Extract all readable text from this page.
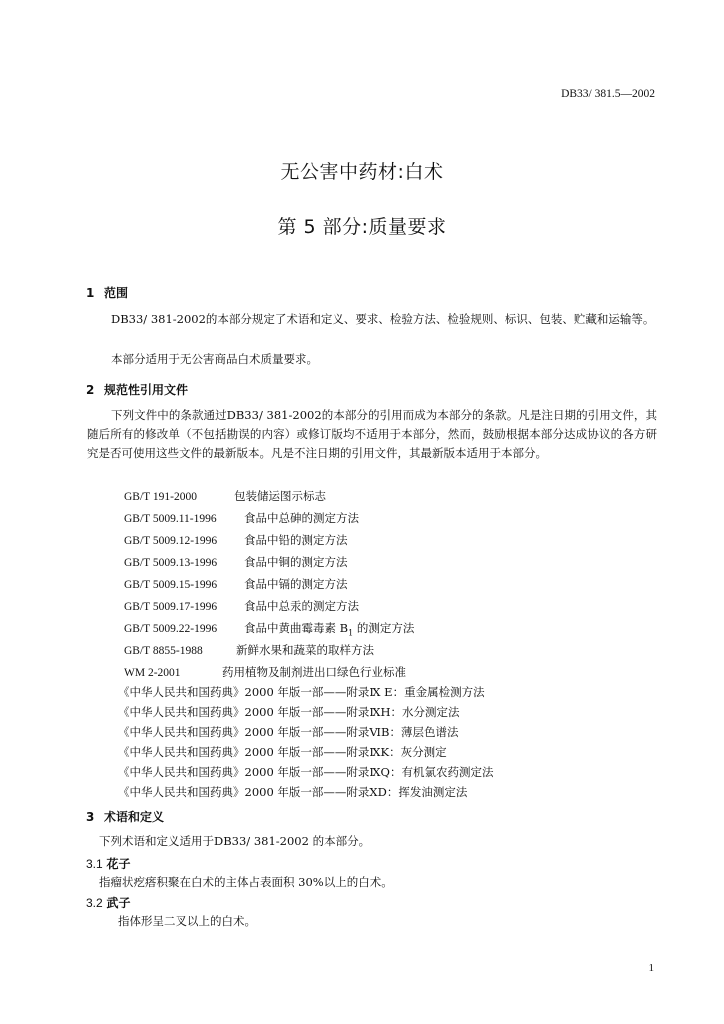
DB33/ 381.5—2002
无公害中药材:白术
第 5 部分:质量要求
1 范围
DB33/ 381-2002的本部分规定了术语和定义、要求、检验方法、检验规则、标识、包装、贮藏和运输等。
本部分适用于无公害商品白术质量要求。
2 规范性引用文件
下列文件中的条款通过DB33/ 381-2002的本部分的引用而成为本部分的条款。凡是注日期的引用文件，其随后所有的修改单（不包括勘误的内容）或修订版均不适用于本部分，然而，鼓励根据本部分达成协议的各方研究是否可使用这些文件的最新版本。凡是不注日期的引用文件，其最新版本适用于本部分。
GB/T 191-2000	包装储运图示标志
GB/T 5009.11-1996 食品中总砷的测定方法
GB/T 5009.12-1996 食品中铅的测定方法
GB/T 5009.13-1996 食品中铜的测定方法
GB/T 5009.15-1996 食品中镉的测定方法
GB/T 5009.17-1996 食品中总汞的测定方法
GB/T 5009.22-1996 食品中黄曲霉毒素 $B_1$ 的测定方法
GB/T 8855-1988	新鲜水果和蔬菜的取样方法
WM 2-2001	药用植物及制剂进出口绿色行业标准
《中华人民共和国药典》2000 年版一部——附录Ⅸ E：重金属检测方法
《中华人民共和国药典》2000 年版一部——附录ⅨH：水分测定法
《中华人民共和国药典》2000 年版一部——附录ⅥB：薄层色谱法
《中华人民共和国药典》2000 年版一部——附录ⅨK：灰分测定
《中华人民共和国药典》2000 年版一部——附录ⅨQ：有机氯农药测定法
《中华人民共和国药典》2000 年版一部——附录ⅩD：挥发油测定法
3 术语和定义
下列术语和定义适用于DB33/ 381-2002 的本部分。
3.1 花子
指瘤状疙瘩积聚在白术的主体占表面积 30%以上的白术。
3.2 武子
指体形呈二叉以上的白术。
1
